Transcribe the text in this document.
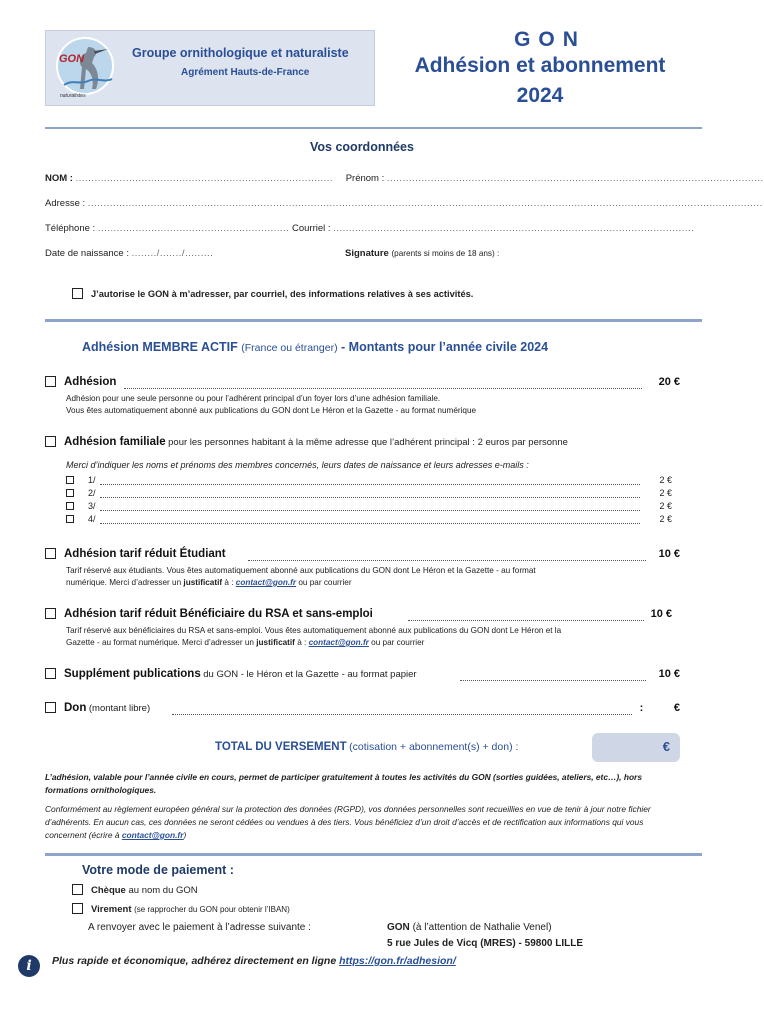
GON
naturalistes
Groupe ornithologique et naturaliste
Agrément Hauts-de-France
GON
Adhésion et abonnement
2024
Vos coordonnées
NOM : .................................................................................. Prénom : ........................................................................................................................
Adresse : .......................................................................................................................................................................................................................
Téléphone : ............................................................. Courriel : ...................................................................................................................
Date de naissance : ......../......./.........	Signature (parents si moins de 18 ans) :
J’autorise le GON à m’adresser, par courriel, des informations relatives à ses activités.
Adhésion MEMBRE ACTIF (France ou étranger) - Montants pour l’année civile 2024
Adhésion	20 €
Adhésion pour une seule personne ou pour l’adhérent principal d’un foyer lors d’une adhésion familiale.
Vous êtes automatiquement abonné aux publications du GON dont Le Héron et la Gazette - au format numérique
Adhésion familiale pour les personnes habitant à la même adresse que l’adhérent principal : 2 euros par personne
Merci d’indiquer les noms et prénoms des membres concernés, leurs dates de naissance et leurs adresses e-mails :
1/	2 €
2/	2 €
3/	2 €
4/	2 €
Adhésion tarif réduit Étudiant	10 €
Tarif réservé aux étudiants. Vous êtes automatiquement abonné aux publications du GON dont Le Héron et la Gazette - au format
numérique. Merci d’adresser un justificatif à : contact@gon.fr ou par courrier
Adhésion tarif réduit Bénéficiaire du RSA et sans-emploi	10 €
Tarif réservé aux bénéficiaires du RSA et sans-emploi. Vous êtes automatiquement abonné aux publications du GON dont Le Héron et la
Gazette - au format numérique. Merci d’adresser un justificatif à : contact@gon.fr ou par courrier
Supplément publications du GON - le Héron et la Gazette - au format papier	10 €
Don (montant libre)	:          €
TOTAL DU VERSEMENT (cotisation + abonnement(s) + don) :	€
L’adhésion, valable pour l’année civile en cours, permet de participer gratuitement à toutes les activités du GON (sorties guidées, ateliers, etc…), hors formations ornithologiques.
Conformément au règlement européen général sur la protection des données (RGPD), vos données personnelles sont recueillies en vue de tenir à jour notre fichier d’adhérents. En aucun cas, ces données ne seront cédées ou vendues à des tiers. Vous bénéficiez d’un droit d’accès et de rectification aux informations qui vous concernent (écrire à contact@gon.fr)
Votre mode de paiement :
Chèque au nom du GON
Virement (se rapprocher du GON pour obtenir l’IBAN)
A renvoyer avec le paiement à l’adresse suivante :	GON (à l’attention de Nathalie Venel)
5 rue Jules de Vicq (MRES) - 59800 LILLE
i	Plus rapide et économique, adhérez directement en ligne https://gon.fr/adhesion/
